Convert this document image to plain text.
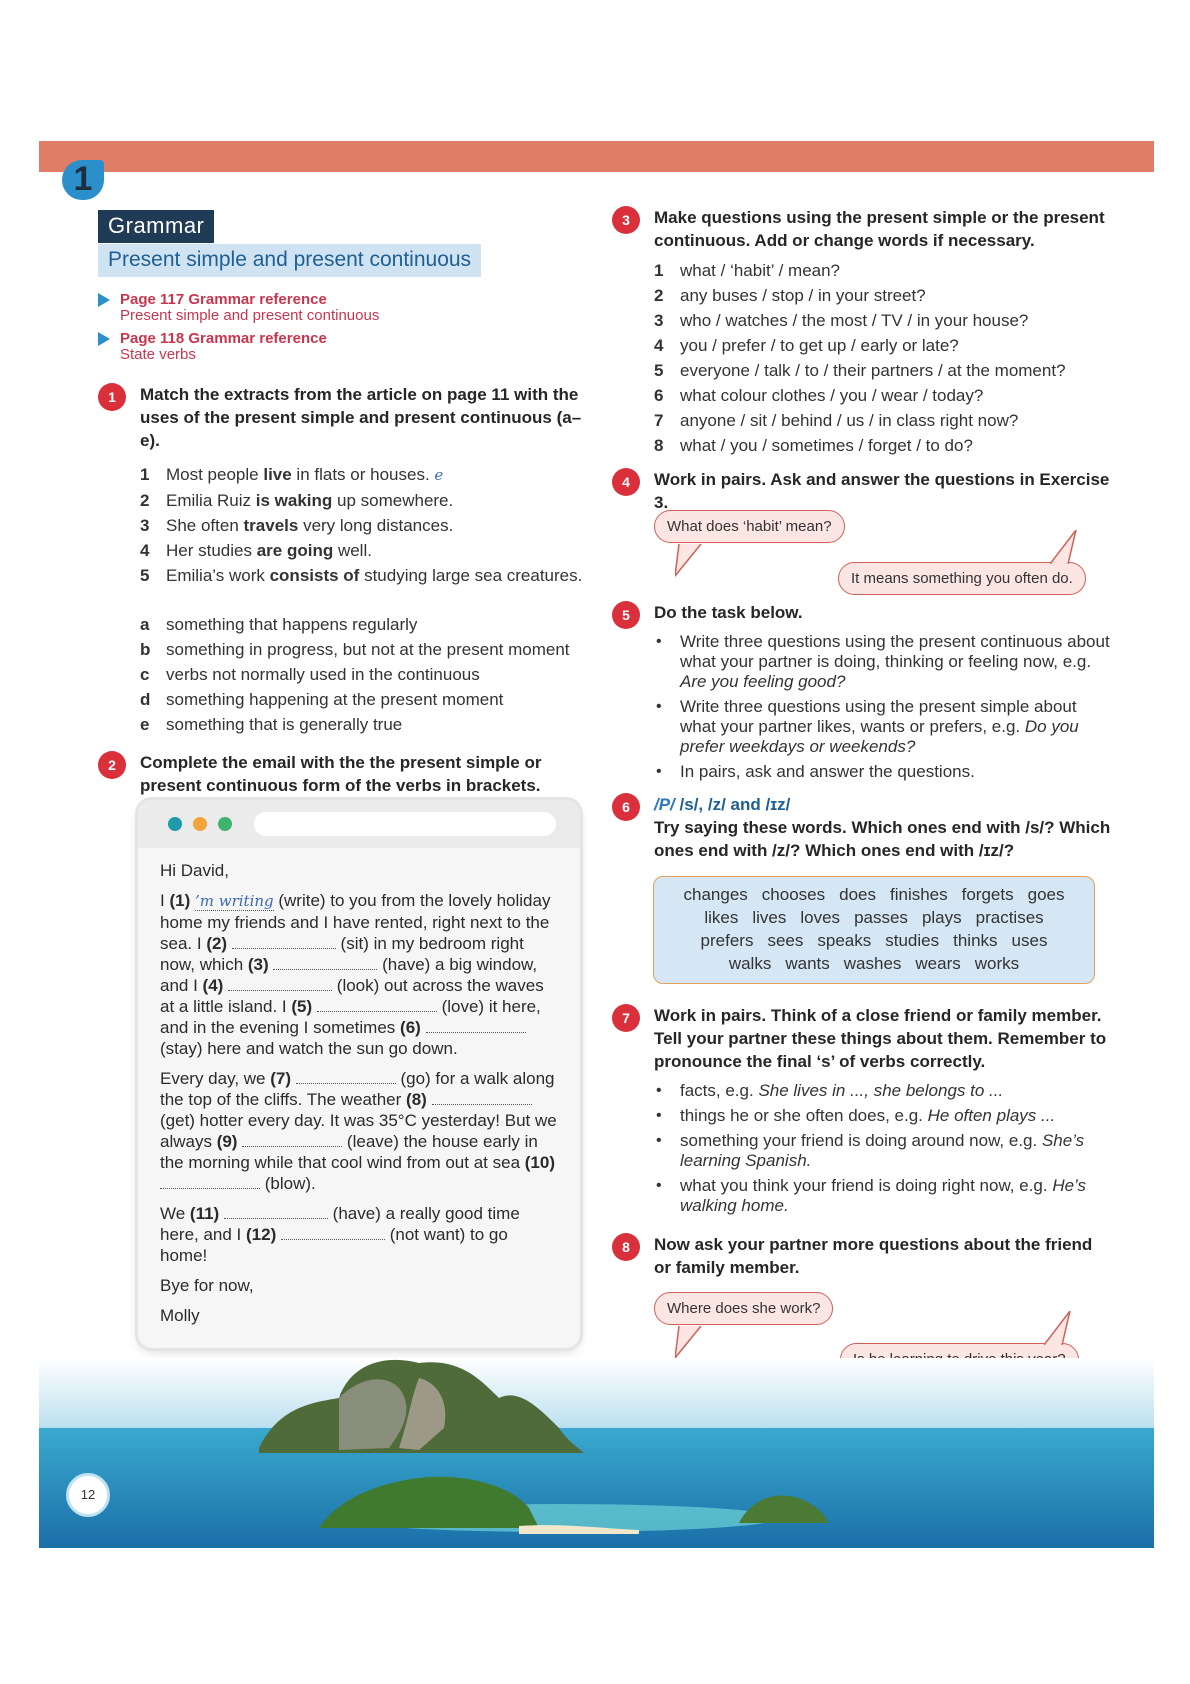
1
Grammar
Present simple and present continuous
Page 117 Grammar reference
Present simple and present continuous
Page 118 Grammar reference
State verbs
1	Match the extracts from the article on page 11 with the uses of the present simple and present continuous (a–e).
1 Most people live in flats or houses. e
2 Emilia Ruiz is waking up somewhere.
3 She often travels very long distances.
4 Her studies are going well.
5 Emilia’s work consists of studying large sea creatures.
a something that happens regularly
b something in progress, but not at the present moment
c verbs not normally used in the continuous
d something happening at the present moment
e something that is generally true
2	Complete the email with the the present simple or present continuous form of the verbs in brackets.

Hi David,

I (1) ’m writing (write) to you from the lovely holiday home my friends and I have rented, right next to the sea. I (2)	(sit) in my bedroom right now, which (3)	(have) a big window, and I (4)	(look) out across the waves at a little island. I (5)	(love) it here, and in the evening I sometimes (6)  (stay) here and watch the sun go down.

Every day, we (7)	(go) for a walk along the top of the cliffs. The weather (8)  (get) hotter every day. It was 35°C yesterday! But we always (9)	(leave) the house early in the morning while that cool wind from out at sea (10)  (blow).

We (11)	(have) a really good time here, and I (12)	(not want) to go home!

Bye for now,

Molly

3	Make questions using the present simple or the present continuous. Add or change words if necessary.
1 what / ‘habit’ / mean?
2 any buses / stop / in your street?
3 who / watches / the most / TV / in your house?
4 you / prefer / to get up / early or late?
5 everyone / talk / to / their partners / at the moment?
6 what colour clothes / you / wear / today?
7 anyone / sit / behind / us / in class right now?
8 what / you / sometimes / forget / to do?
4	Work in pairs. Ask and answer the questions in Exercise 3.
What does ‘habit’ mean?
It means something you often do.
5	Do the task below.
• Write three questions using the present continuous about what your partner is doing, thinking or feeling now, e.g. Are you feeling good?
• Write three questions using the present simple about what your partner likes, wants or prefers, e.g. Do you prefer weekdays or weekends?
• In pairs, ask and answer the questions.
6	/P/ /s/, /z/ and /ɪz/
Try saying these words. Which ones end with /s/? Which ones end with /z/? Which ones end with /ɪz/?
changes chooses does finishes forgets goes
likes lives loves passes plays practises
prefers sees speaks studies thinks uses
walks wants washes wears works
7	Work in pairs. Think of a close friend or family member. Tell your partner these things about them. Remember to pronounce the final ‘s’ of verbs correctly.
• facts, e.g. She lives in ..., she belongs to ...
• things he or she often does, e.g. He often plays ...
• something your friend is doing around now, e.g. She’s learning Spanish.
• what you think your friend is doing right now, e.g. He’s walking home.
8	Now ask your partner more questions about the friend or family member.
Where does she work?
12
